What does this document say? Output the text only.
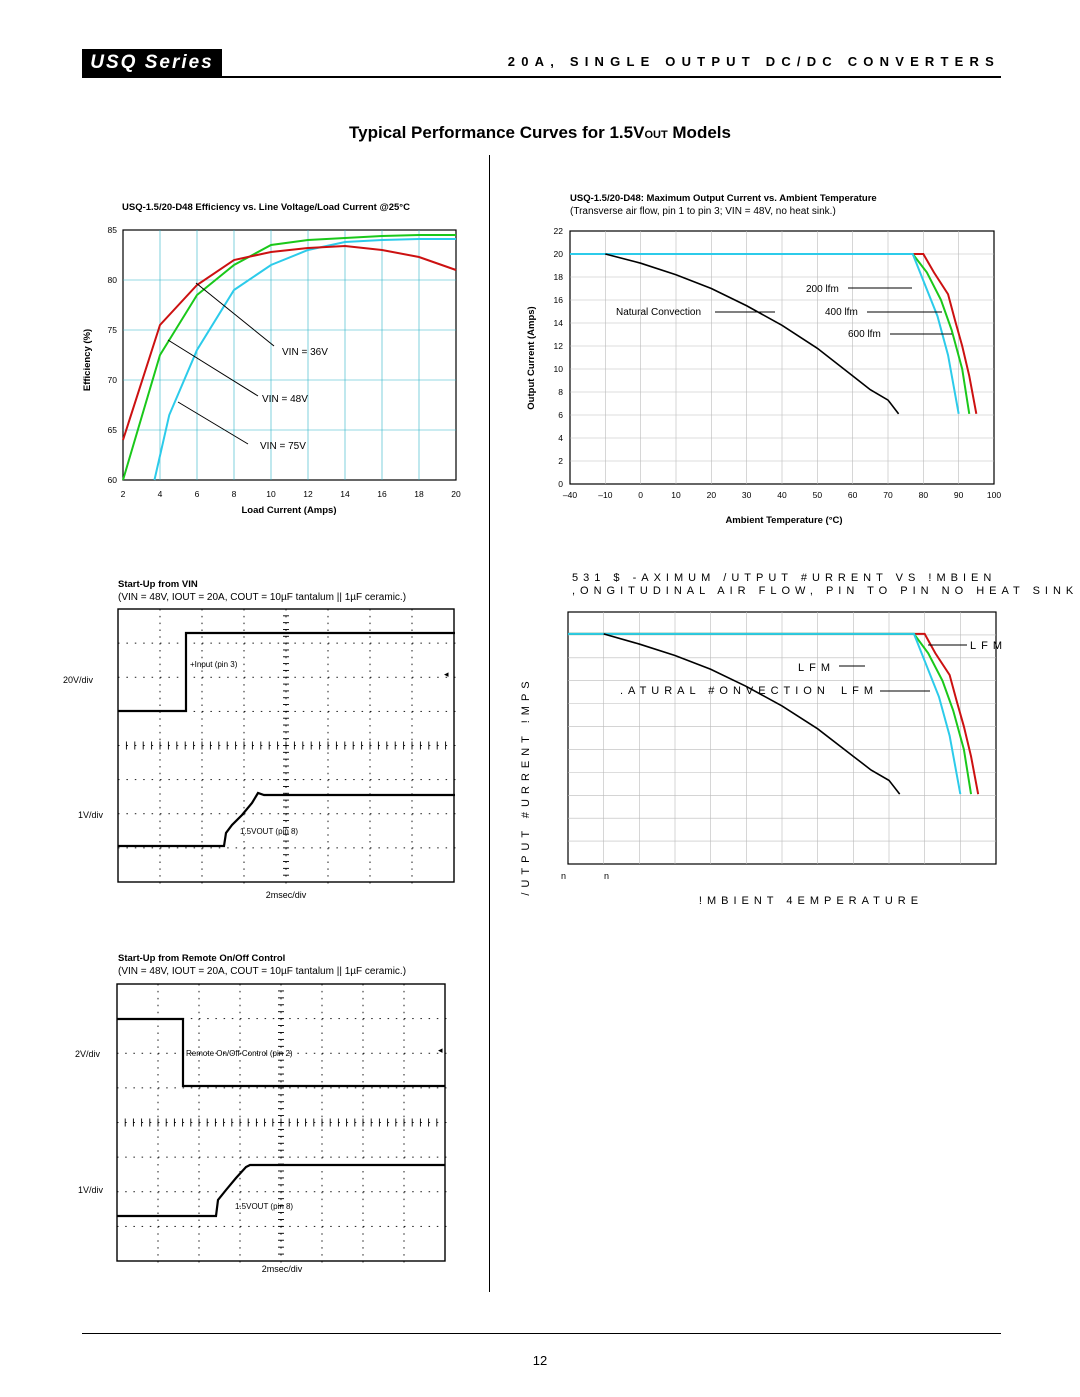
USQ Series	20A, SINGLE OUTPUT DC/DC CONVERTERS
Typical Performance Curves for 1.5VOUT Models
USQ-1.5/20-D48 Efficiency vs. Line Voltage/Load Current @25°C
2	4	6	8	10	12	14	16	18	20
60
65
70
75
80
85
VIN = 36V
VIN = 48V
VIN = 75V
Load Current (Amps)
Efficiency (%)
USQ-1.5/20-D48: Maximum Output Current vs. Ambient Temperature
(Transverse air flow, pin 1 to pin 3; VIN = 48V, no heat sink.)
–40 –10	0	10	20	30	40	50	60	70	80	90	100
0
2
4
6
8
10
12
14
16
18
20
22
200 lfm
400 lfm
600 lfm
Natural Convection
Ambient Temperature (°C)
Output Current (Amps)
531 $ -AXIMUM /UTPUT #URRENT VS !MBIEN
,ONGITUDINAL AIR FLOW, PIN TO PIN NO HEAT SINK
/UTPUT #URRENT !MPS
LFM
LFM
.ATURAL #ONVECTION LFM
n	n
!MBIENT 4EMPERATURE
Start-Up from VIN
(VIN = 48V, IOUT = 20A, COUT = 10µF tantalum || 1µF ceramic.)
20V/div
+Input (pin 3)
1V/div
1.5VOUT (pin 8)
2msec/div
◂
Start-Up from Remote On/Off Control
(VIN = 48V, IOUT = 20A, COUT = 10µF tantalum || 1µF ceramic.)
2V/div	Remote On/Off Control (pin 2)
1V/div
1.5VOUT (pin 8)
2msec/div
◂
12
